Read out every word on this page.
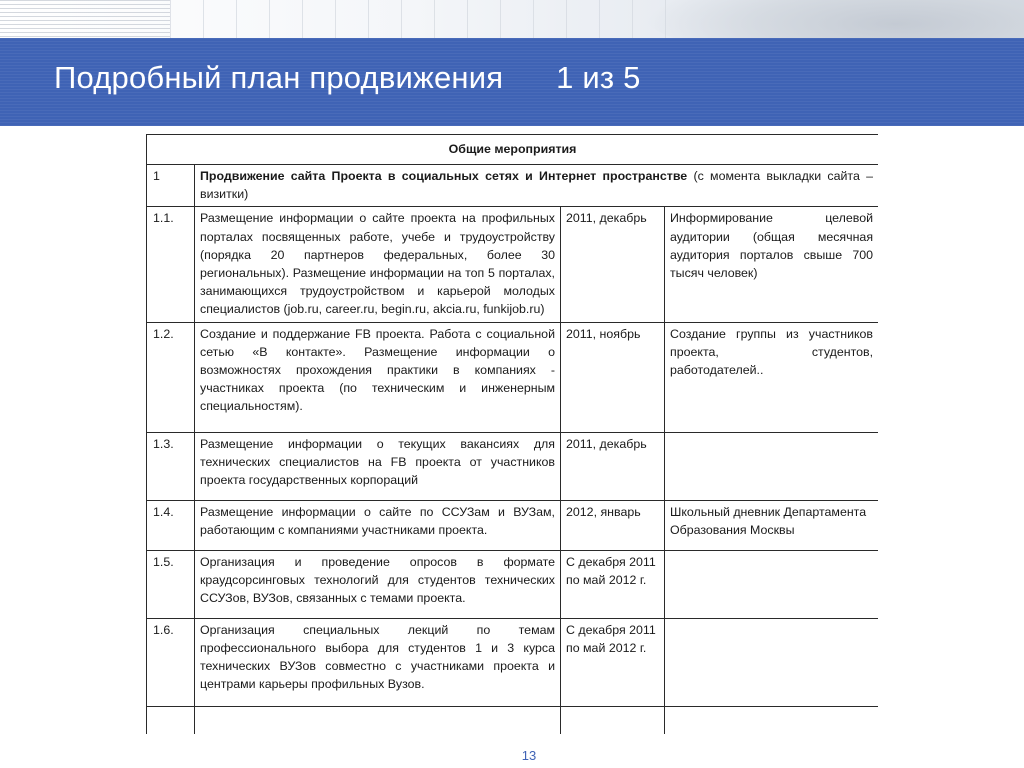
Подробный план продвижения      1 из 5
Общие мероприятия			
1	Продвижение сайта Проекта в социальных сетях и Интернет пространстве (с момента выкладки сайта – визитки)		
1.1.	Размещение информации о сайте проекта на профильных порталах посвященных работе, учебе и трудоустройству (порядка 20 партнеров федеральных, более 30 региональных). Размещение информации на топ 5 порталах, занимающихся трудоустройством и карьерой молодых специалистов (job.ru, career.ru, begin.ru, akcia.ru, funkijob.ru)	2011, декабрь	Информирование целевой аудитории (общая месячная аудитория порталов свыше 700 тысяч человек)
1.2.	Создание и поддержание FB проекта. Работа с социальной сетью «В контакте». Размещение информации о возможностях прохождения практики в компаниях - участниках проекта (по техническим и инженерным специальностям).	2011, ноябрь	Создание группы из участников проекта, студентов, работодателей..
1.3.	Размещение информации о текущих вакансиях для технических специалистов на FB проекта от участников проекта государственных корпораций	2011, декабрь	
1.4.	Размещение информации о сайте по ССУЗам и ВУЗам, работающим с компаниями участниками проекта.	2012, январь	Школьный дневник Департамента Образования Москвы
1.5.	Организация и проведение опросов в формате краудсорсинговых технологий для студентов технических ССУЗов, ВУЗов, связанных с темами проекта.	С декабря 2011 по май 2012 г.	
1.6.	Организация специальных лекций по темам профессионального выбора для студентов 1 и 3 курса технических ВУЗов совместно с участниками проекта и центрами карьеры профильных Вузов.	С декабря 2011 по май 2012 г.	

13
